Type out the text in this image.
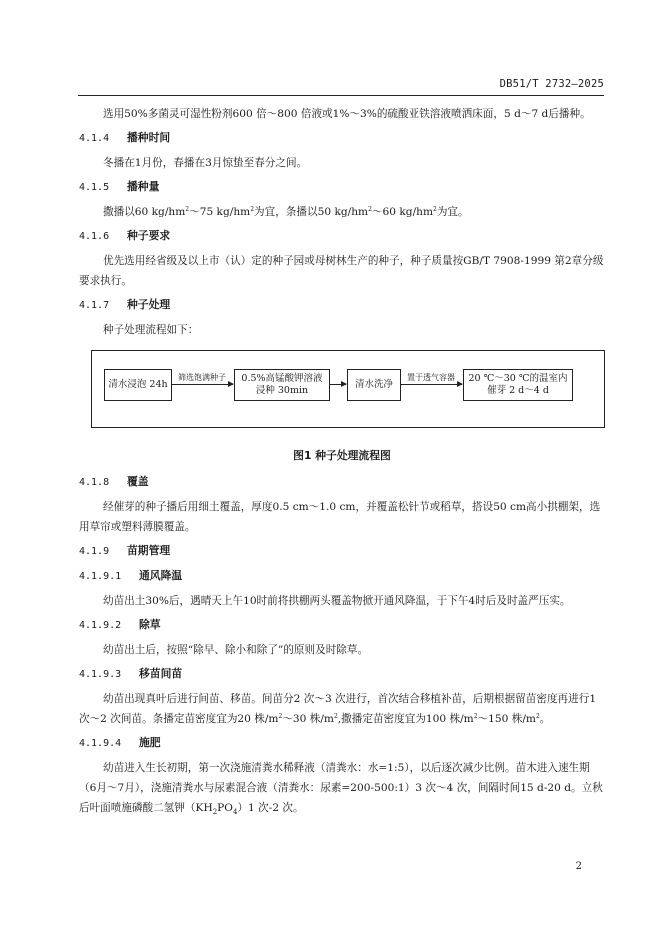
DB51/T 2732—2025

选用50%多菌灵可湿性粉剂600 倍～800 倍液或1%～3%的硫酸亚铁溶液喷洒床面，5 d～7 d后播种。

4.1.4 播种时间

冬播在1月份，春播在3月惊蛰至春分之间。

4.1.5 播种量

撒播以60 $kg/hm^2\sim 75$ $kg/hm^2$为宜，条播以50 $kg/hm^2\sim 60$ $kg/hm^2$为宜。

4.1.6 种子要求

优先选用经省级及以上市（认）定的种子园或母树林生产的种子，种子质量按GB/T 7908-1999 第2章分级要求执行。

4.1.7 种子处理

种子处理流程如下：

清水浸泡 24h
筛选饱满种子 0.5%高锰酸钾溶液
浸种 30min
清水洗净
置于透气容器 20 ℃～30 ℃的温室内
催芽 2 d～4 d
图1 种子处理流程图

4.1.8 覆盖

经催芽的种子播后用细土覆盖，厚度0.5 cm～1.0 cm，并覆盖松针节或稻草，搭设50 cm高小拱棚架，选用草帘或塑料薄膜覆盖。

4.1.9 苗期管理

4.1.9.1 通风降温

幼苗出土30%后，遇晴天上午10时前将拱棚两头覆盖物掀开通风降温，于下午4时后及时盖严压实。

4.1.9.2 除草

幼苗出土后，按照“除早、除小和除了”的原则及时除草。

4.1.9.3 移苗间苗

幼苗出现真叶后进行间苗、移苗。间苗分2 次～3 次进行，首次结合移植补苗，后期根据留苗密度再进行1 次～2 次间苗。条播定苗密度宜为20 株$/m^2\sim 30$ 株$/m^2$,撒播定苗密度宜为100 株$/m^2\sim 150$ 株$/m^2$。

4.1.9.4 施肥

幼苗进入生长初期，第一次浇施清粪水稀释液（清粪水：水=1:5），以后逐次减少比例。苗木进入速生期（6月～7月），浇施清粪水与尿素混合液（清粪水：尿素=200-500:1）3 次～4 次，间隔时间15 d-20 d。立秋后叶面喷施磷酸二氢钾$(KH_2PO_4)1$ 次-2 次。

2
